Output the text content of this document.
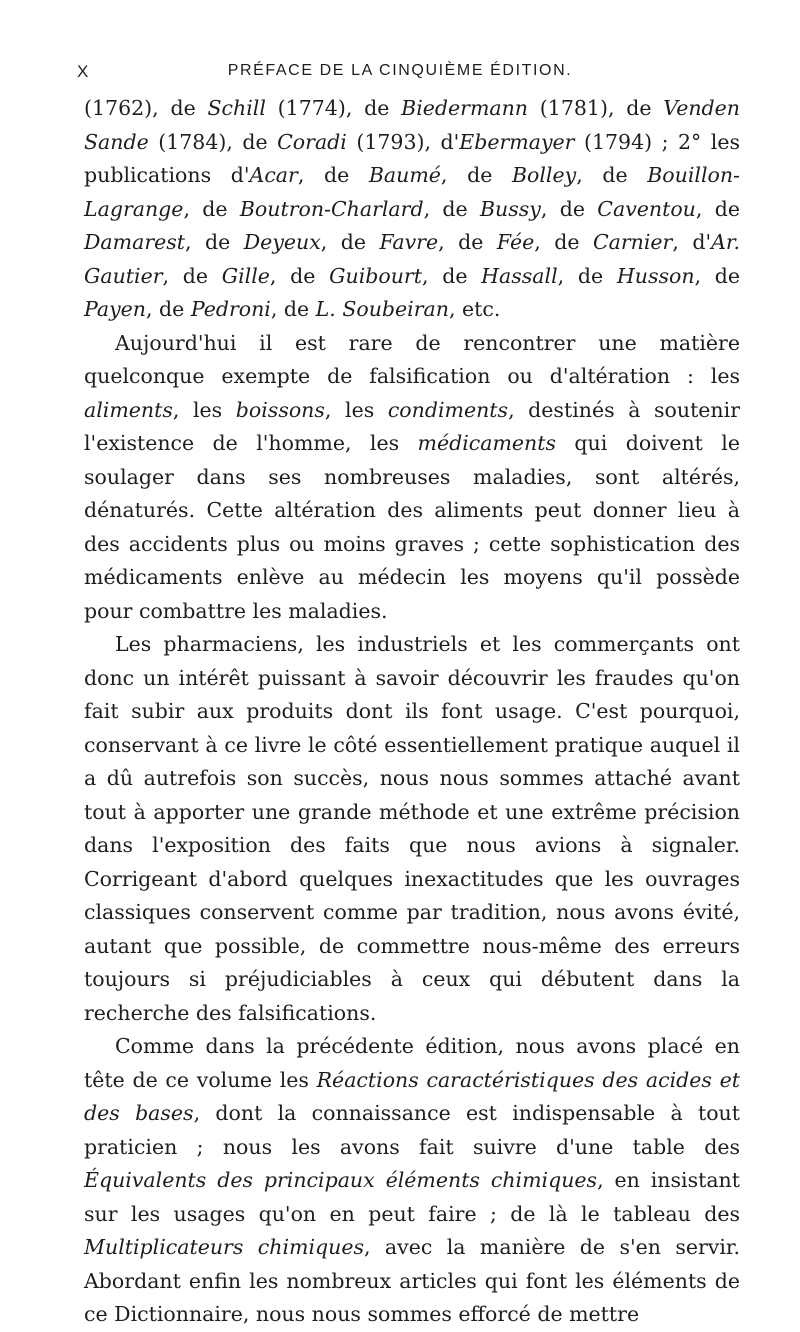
X	PRÉFACE DE LA CINQUIÈME ÉDITION.

(1762), de Schill (1774), de Biedermann (1781), de Venden Sande (1784), de Coradi (1793), d'Ebermayer (1794) ; 2° les publications d'Acar, de Baumé, de Bolley, de Bouillon-Lagrange, de Boutron-Charlard, de Bussy, de Caventou, de Damarest, de Deyeux, de Favre, de Fée, de Carnier, d'Ar. Gautier, de Gille, de Guibourt, de Hassall, de Husson, de Payen, de Pedroni, de L. Soubeiran, etc.

Aujourd'hui il est rare de rencontrer une matière quelconque exempte de falsification ou d'altération : les aliments, les boissons, les condiments, destinés à soutenir l'existence de l'homme, les médicaments qui doivent le soulager dans ses nombreuses maladies, sont altérés, dénaturés. Cette altération des aliments peut donner lieu à des accidents plus ou moins graves ; cette sophistication des médicaments enlève au médecin les moyens qu'il possède pour combattre les maladies.

Les pharmaciens, les industriels et les commerçants ont donc un intérêt puissant à savoir découvrir les fraudes qu'on fait subir aux produits dont ils font usage. C'est pourquoi, conservant à ce livre le côté essentiellement pratique auquel il a dû autrefois son succès, nous nous sommes attaché avant tout à apporter une grande méthode et une extrême précision dans l'exposition des faits que nous avions à signaler. Corrigeant d'abord quelques inexactitudes que les ouvrages classiques conservent comme par tradition, nous avons évité, autant que possible, de commettre nous-même des erreurs toujours si préjudiciables à ceux qui débutent dans la recherche des falsifications.

Comme dans la précédente édition, nous avons placé en tête de ce volume les Réactions caractéristiques des acides et des bases, dont la connaissance est indispensable à tout praticien ; nous les avons fait suivre d'une table des Équivalents des principaux éléments chimiques, en insistant sur les usages qu'on en peut faire ; de là le tableau des Multiplicateurs chimiques, avec la manière de s'en servir. Abordant enfin les nombreux articles qui font les éléments de ce Dictionnaire, nous nous sommes efforcé de mettre
